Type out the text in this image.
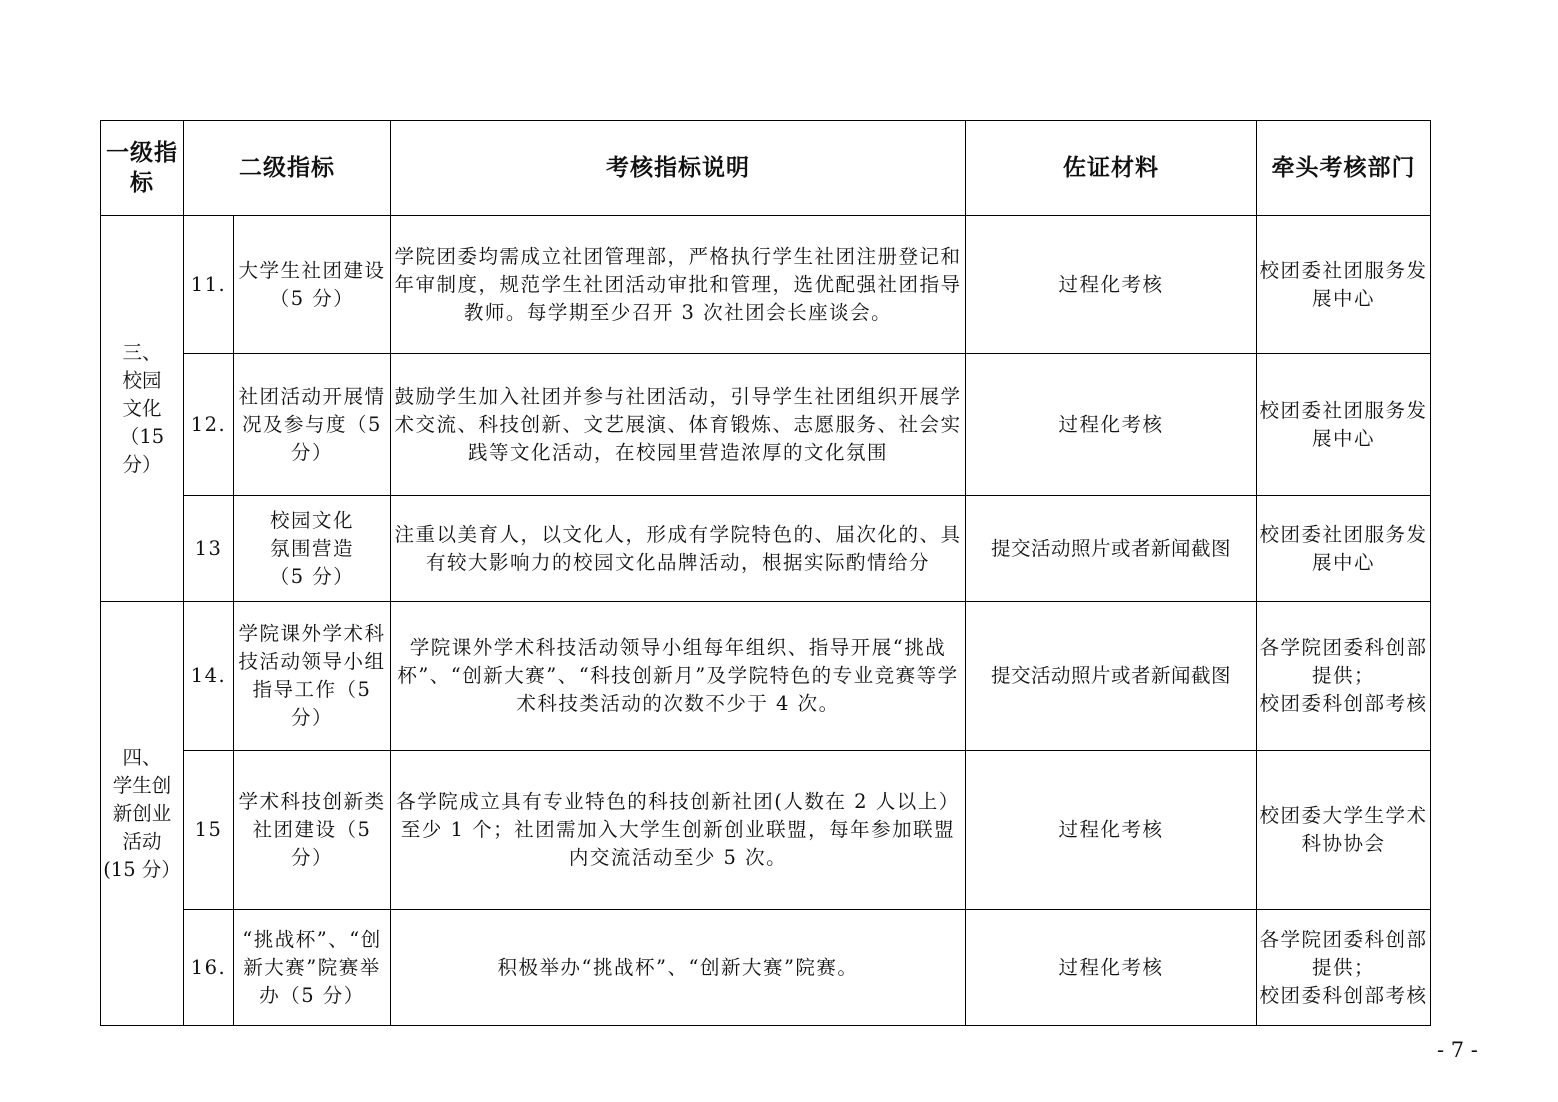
一级指标	二级指标		考核指标说明	佐证材料	牵头考核部门
三、
校园
文化
（15 分）	11.	大学生社团建设（5 分）	学院团委均需成立社团管理部，严格执行学生社团注册登记和年审制度，规范学生社团活动审批和管理，选优配强社团指导教师。每学期至少召开 3 次社团会长座谈会。	过程化考核	校团委社团服务发展中心
	12.	社团活动开展情况及参与度（5 分）	鼓励学生加入社团并参与社团活动，引导学生社团组织开展学术交流、科技创新、文艺展演、体育锻炼、志愿服务、社会实践等文化活动，在校园里营造浓厚的文化氛围	过程化考核	校团委社团服务发展中心
	13	校园文化
氛围营造
（5 分）	注重以美育人，以文化人，形成有学院特色的、届次化的、具有较大影响力的校园文化品牌活动，根据实际酌情给分	提交活动照片或者新闻截图	校团委社团服务发展中心
四、
学生创
新创业
活动
(15 分）	14.	学院课外学术科技活动领导小组指导工作（5 分）	学院课外学术科技活动领导小组每年组织、指导开展“挑战杯”、“创新大赛”、“科技创新月”及学院特色的专业竞赛等学术科技类活动的次数不少于 4 次。	提交活动照片或者新闻截图	各学院团委科创部提供；
校团委科创部考核
	15	学术科技创新类社团建设（5 分）	各学院成立具有专业特色的科技创新社团(人数在 2 人以上）至少 1 个；社团需加入大学生创新创业联盟，每年参加联盟内交流活动至少 5 次。	过程化考核	校团委大学生学术科协协会
	16.	“挑战杯”、“创新大赛”院赛举办（5 分）	积极举办“挑战杯”、“创新大赛”院赛。	过程化考核	各学院团委科创部提供；
校团委科创部考核
- 7 -
